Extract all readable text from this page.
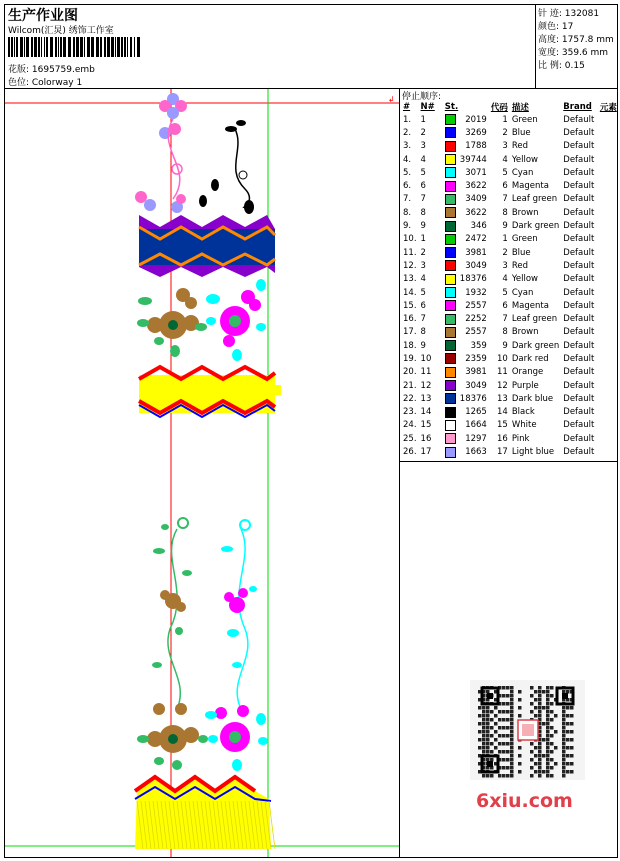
生产作业图
Wilcom(汇炅) 绣饰工作室
花版: 1695759.emb
色位: Colorway 1
针 迹: 132081
颜色: 17
高度: 1757.8 mm
宽度: 359.6 mm
比 例: 0.15
停止顺序:
#	N#	St.		代码	描述	Brand	元素
1.	1		2019	1	Green	Default	
2.	2		3269	2	Blue	Default	
3.	3		1788	3	Red	Default	
4.	4		39744	4	Yellow	Default	
5.	5		3071	5	Cyan	Default	
6.	6		3622	6	Magenta	Default	
7.	7		3409	7	Leaf green	Default	
8.	8		3622	8	Brown	Default	
9.	9		346	9	Dark green	Default	
10.	1		2472	1	Green	Default	
11.	2		3981	2	Blue	Default	
12.	3		3049	3	Red	Default	
13.	4		18376	4	Yellow	Default	
14.	5		1932	5	Cyan	Default	
15.	6		2557	6	Magenta	Default	
16.	7		2252	7	Leaf green	Default	
17.	8		2557	8	Brown	Default	
18.	9		359	9	Dark green	Default	
19.	10		2359	10	Dark red	Default	
20.	11		3981	11	Orange	Default	
21.	12		3049	12	Purple	Default	
22.	13		18376	13	Dark blue	Default	
23.	14		1265	14	Black	Default	
24.	15		1664	15	White	Default	
25.	16		1297	16	Pink	Default	
26.	17		1663	17	Light blue	Default	
6xiu.com
↲
